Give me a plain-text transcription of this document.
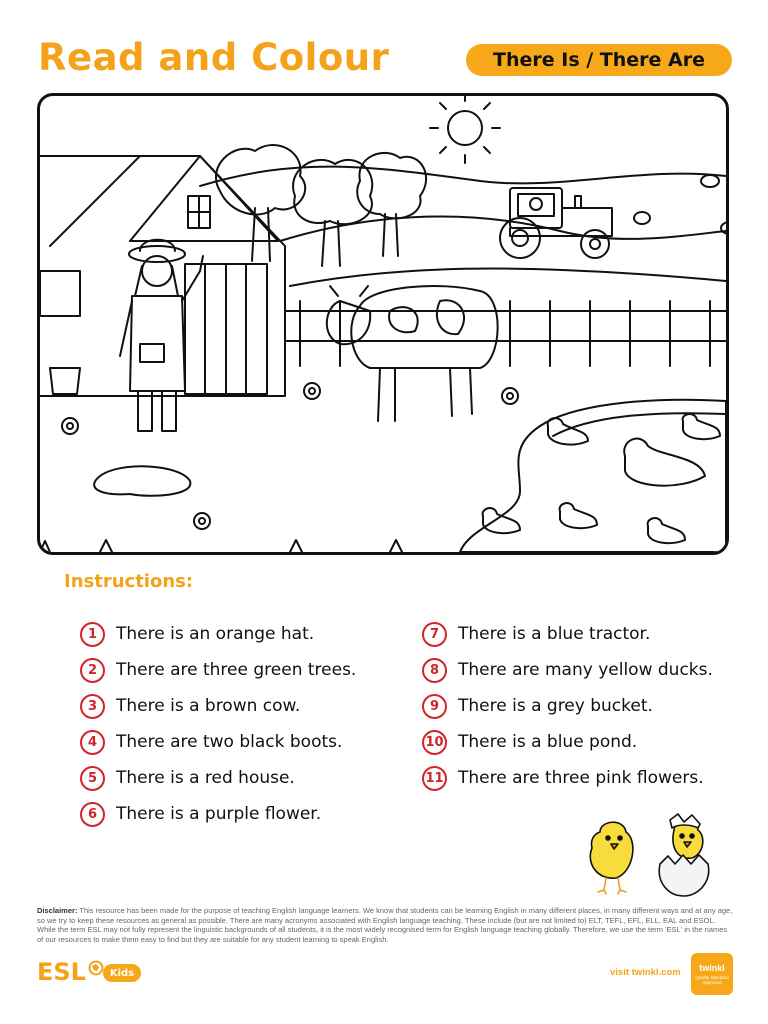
Read and Colour	There Is / There Are
Instructions:
1	There is an orange hat.
2	There are three green trees.
3	There is a brown cow.
4	There are two black boots.
5	There is a red house.
6	There is a purple flower.
7	There is a blue tractor.
8	There are many yellow ducks.
9	There is a grey bucket.
10 There is a blue pond.
11 There are three pink flowers.
Disclaimer: This resource has been made for the purpose of teaching English language learners. We know that students can be learning English in many different places, in many different ways and at any age, so we try to keep these resources as general as possible. There are many acronyms associated with English language teaching. These include (but are not limited to) ELT, TEFL, EFL, ELL, EAL and ESOL. While the term ESL may not fully represent the linguistic backgrounds of all students, it is the most widely recognised term for English language teaching globally. Therefore, we use the term 'ESL' in the names of our resources to make them easy to find but they are suitable for any student learning to speak English.
ESL	Kids	visit twinkl.com twinkl
Quality Standard Approved
